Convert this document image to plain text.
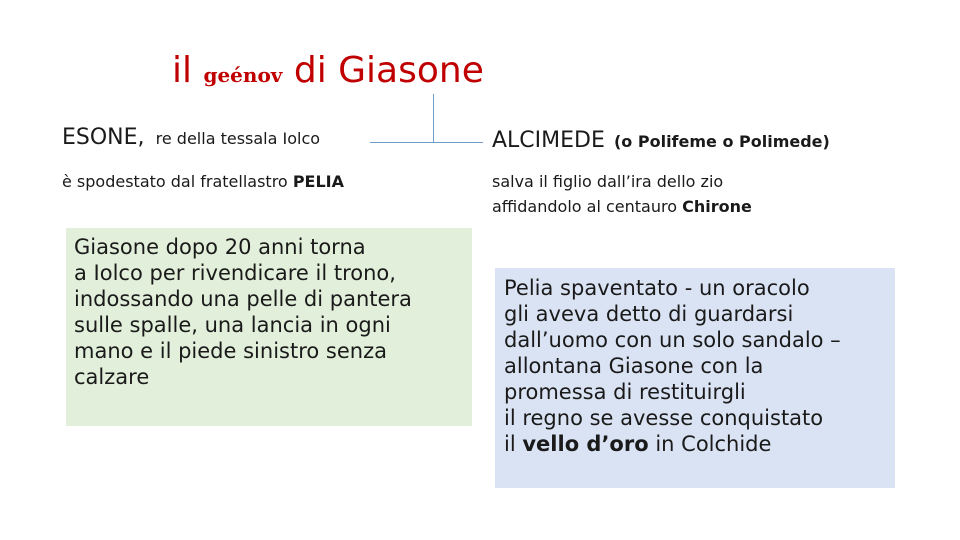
il geénov di Giasone
ESONE, re della tessala Iolco
è spodestato dal fratellastro PELIA
Giasone dopo 20 anni torna
a Iolco per rivendicare il trono,
indossando una pelle di pantera
sulle spalle, una lancia in ogni
mano e il piede sinistro senza
calzare
ALCIMEDE (o Polifeme o Polimede)
salva il figlio dall’ira dello zio
affidandolo al centauro Chirone
Pelia spaventato - un oracolo
gli aveva detto di guardarsi
dall’uomo con un solo sandalo –
allontana Giasone con la
promessa di restituirgli
il regno se avesse conquistato
il vello d’oro in Colchide
